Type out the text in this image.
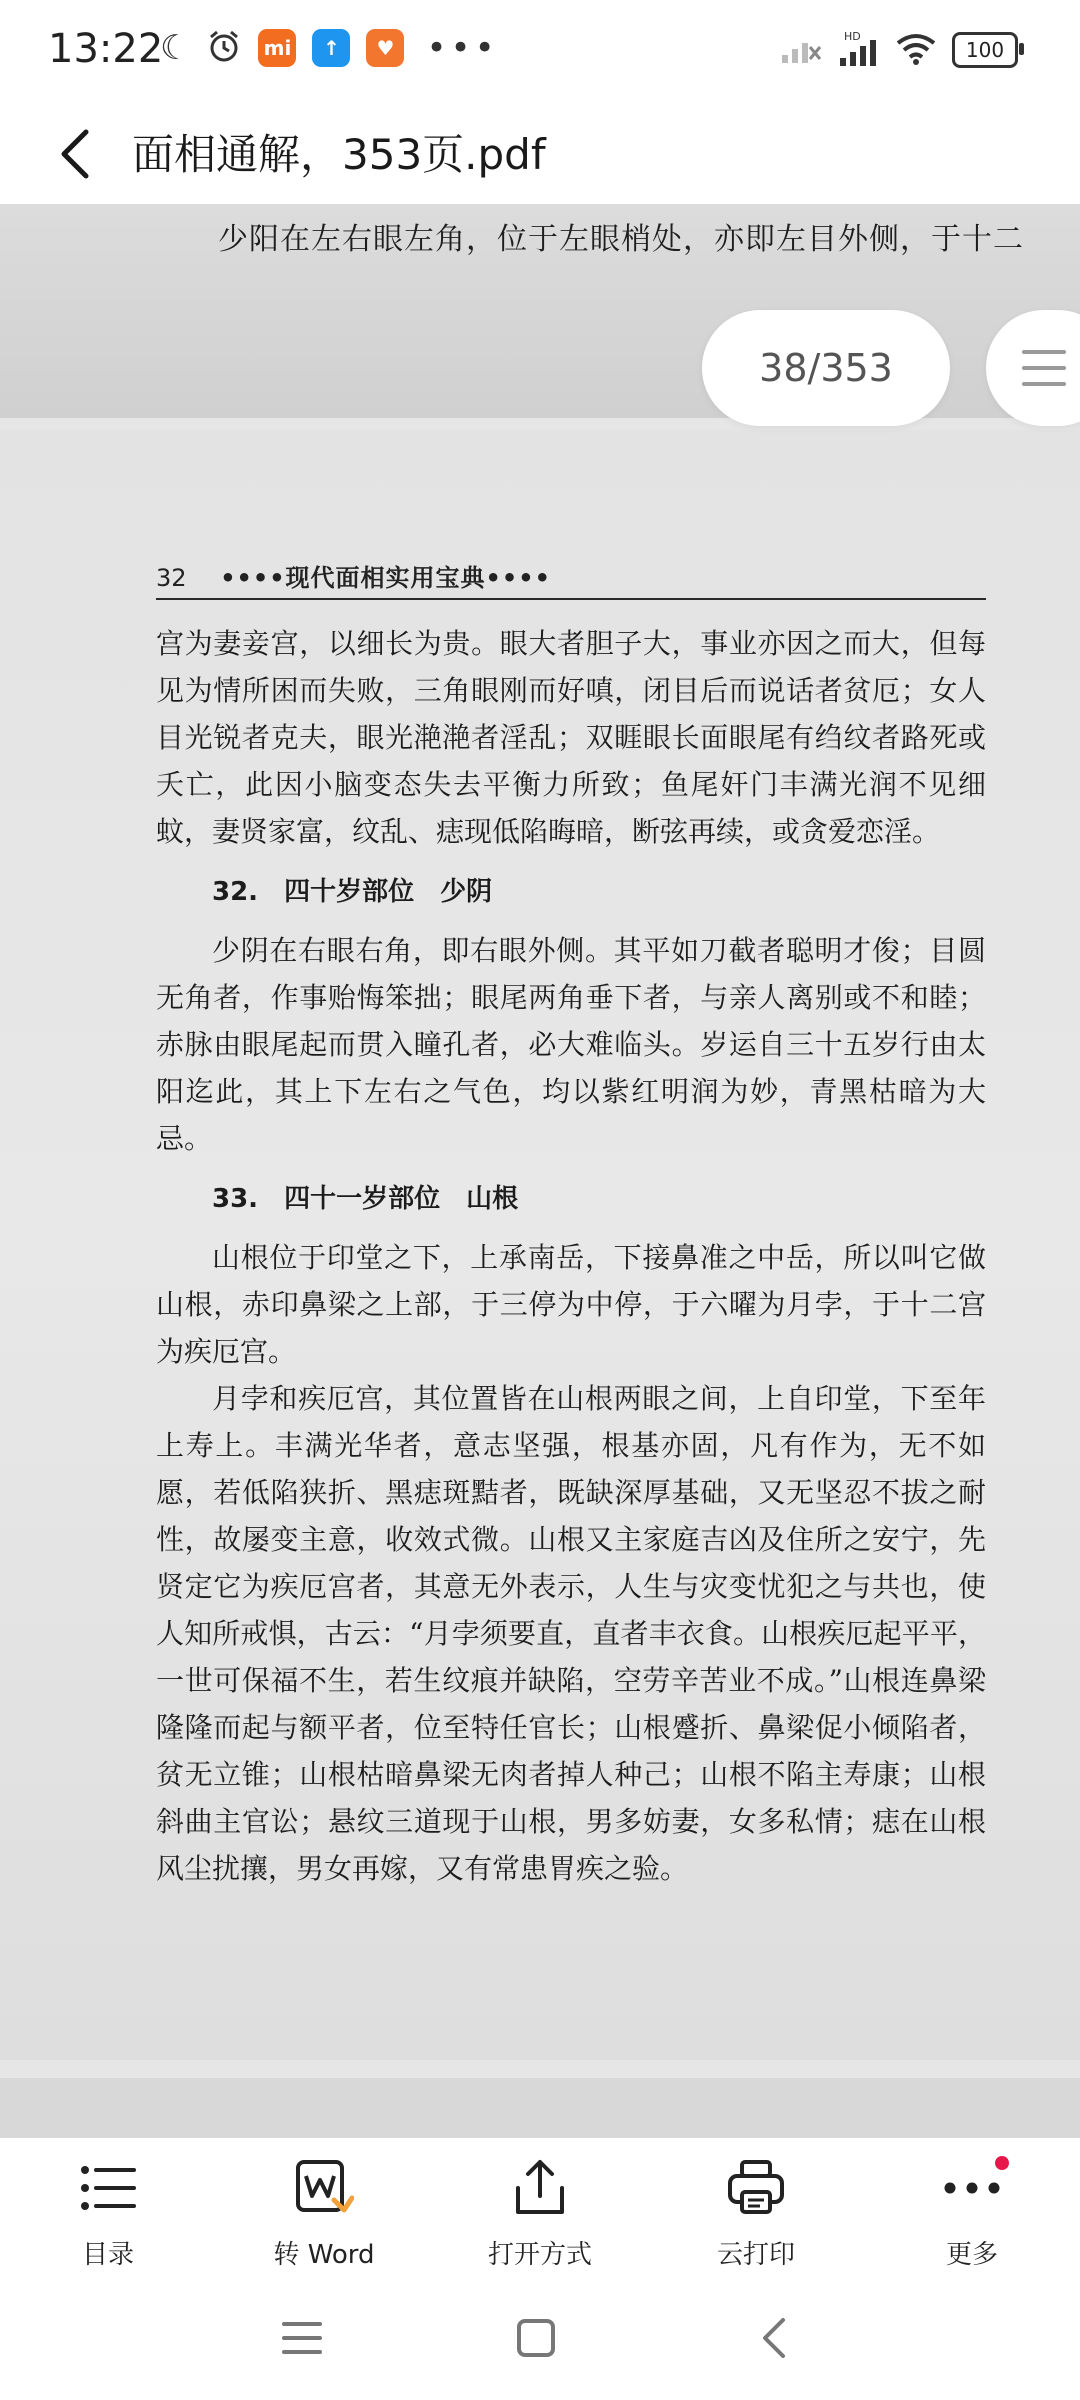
13:22
☾	mi	↑	♥ •••	HD
100
面相通解，353页.pdf
少阳在左右眼左角，位于左眼梢处，亦即左目外侧，于十二
32 ••••现代面相实用宝典••••

宫为妻妾宫，以细长为贵。眼大者胆子大，事业亦因之而大，但每见为情所困而失败，三角眼刚而好嗔，闭目后而说话者贫厄；女人目光锐者克夫，眼光滟滟者淫乱；双睚眼长面眼尾有绉纹者路死或夭亡，此因小脑变态失去平衡力所致；鱼尾奸门丰满光润不见细蚊，妻贤家富，纹乱、痣现低陷晦暗，断弦再续，或贪爱恋淫。

32. 四十岁部位　少阴

少阴在右眼右角，即右眼外侧。其平如刀截者聪明才俊；目圆无角者，作事贻悔笨拙；眼尾两角垂下者，与亲人离别或不和睦；赤脉由眼尾起而贯入瞳孔者，必大难临头。岁运自三十五岁行由太阳迄此，其上下左右之气色，均以紫红明润为妙，青黑枯暗为大忌。

33. 四十一岁部位　山根

山根位于印堂之下，上承南岳，下接鼻准之中岳，所以叫它做山根，赤印鼻梁之上部，于三停为中停，于六曜为月孛，于十二宫为疾厄宫。

月孛和疾厄宫，其位置皆在山根两眼之间，上自印堂，下至年上寿上。丰满光华者，意志坚强，根基亦固，凡有作为，无不如愿，若低陷狭折、黑痣斑黠者，既缺深厚基础，又无坚忍不拔之耐性，故屡变主意，收效式微。山根又主家庭吉凶及住所之安宁，先贤定它为疾厄宫者，其意无外表示，人生与灾变忧犯之与共也，使人知所戒惧，古云：“月孛须要直，直者丰衣食。山根疾厄起平平，一世可保福不生，若生纹痕并缺陷，空劳辛苦业不成。”山根连鼻梁隆隆而起与额平者，位至特任官长；山根蹙折、鼻梁促小倾陷者，贫无立锥；山根枯暗鼻梁无肉者掉人种己；山根不陷主寿康；山根斜曲主官讼；悬纹三道现于山根，男多妨妻，女多私情；痣在山根风尘扰攘，男女再嫁，又有常患胃疾之验。

38/353
目录	转 Word	打开方式	云打印	更多
